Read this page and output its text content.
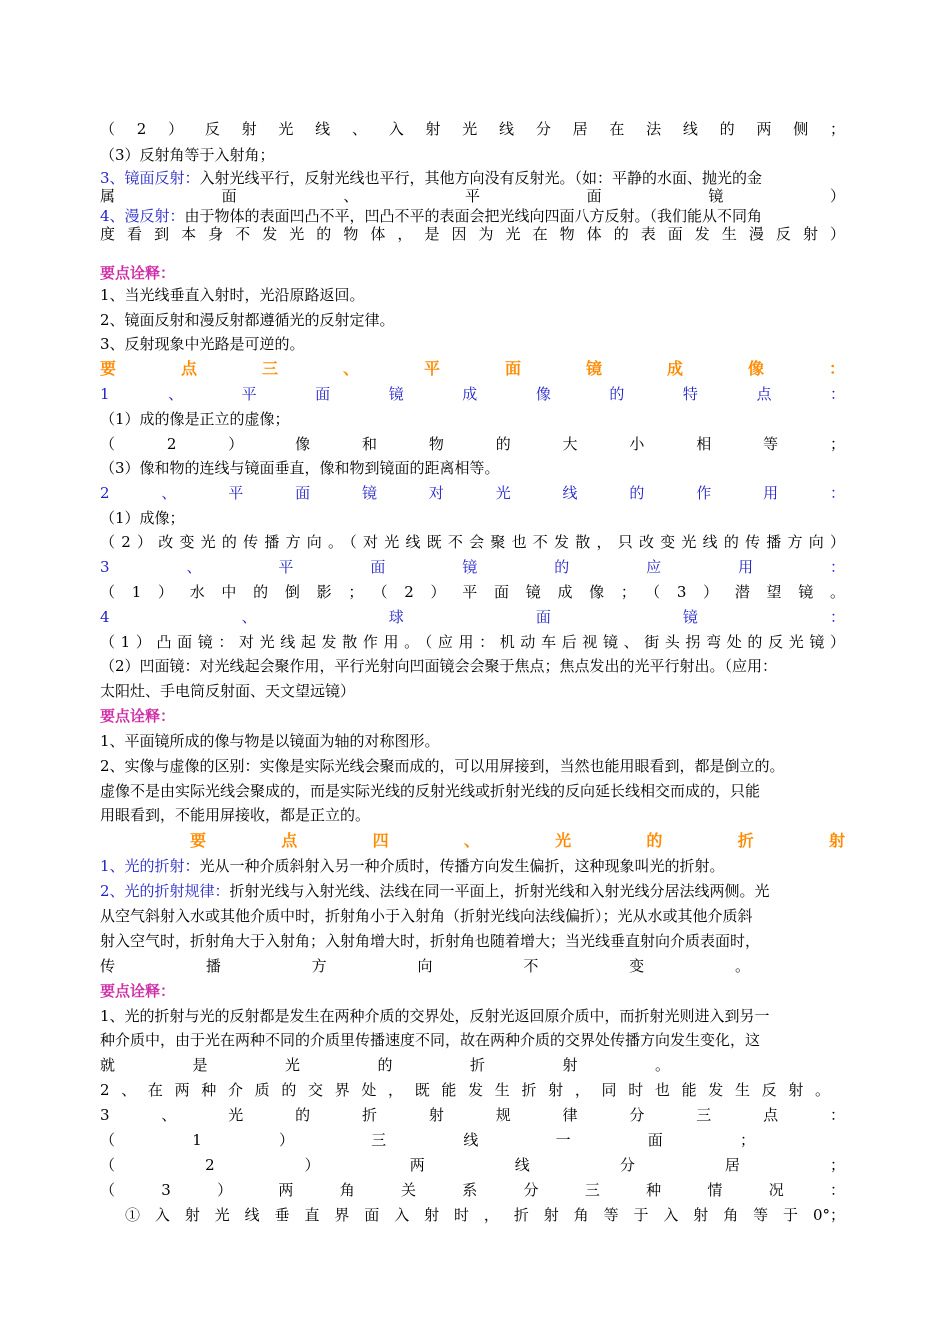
（2）反射光线、入射光线分居在法线的两侧；
（3）反射角等于入射角；
3、镜面反射：入射光线平行，反射光线也平行，其他方向没有反射光。（如：平静的水面、抛光的金
属面、平面镜）
4、漫反射：由于物体的表面凹凸不平，凹凸不平的表面会把光线向四面八方反射。（我们能从不同角
度看到本身不发光的物体，是因为光在物体的表面发生漫反射）
要点诠释：
1、当光线垂直入射时，光沿原路返回。
2、镜面反射和漫反射都遵循光的反射定律。
3、反射现象中光路是可逆的。
要点三、平面镜成像：
1、平面镜成像的特点：
（1）成的像是正立的虚像；
（2）像和物的大小相等；
（3）像和物的连线与镜面垂直，像和物到镜面的距离相等。
2、平面镜对光线的作用：
（1）成像；
（2）改变光的传播方向。（对光线既不会聚也不发散，只改变光线的传播方向）
3、平面镜的应用：
（1）水中的倒影；（2）平面镜成像；（3）潜望镜。
4、球面镜：
（1）凸面镜：对光线起发散作用。（应用：机动车后视镜、街头拐弯处的反光镜）
（2）凹面镜：对光线起会聚作用，平行光射向凹面镜会会聚于焦点；焦点发出的光平行射出。（应用：
太阳灶、手电筒反射面、天文望远镜）
要点诠释：
1、平面镜所成的像与物是以镜面为轴的对称图形。
2、实像与虚像的区别：实像是实际光线会聚而成的，可以用屏接到，当然也能用眼看到，都是倒立的。
虚像不是由实际光线会聚成的，而是实际光线的反射光线或折射光线的反向延长线相交而成的，只能
用眼看到，不能用屏接收，都是正立的。
要点四、光的折射
1、光的折射：光从一种介质斜射入另一种介质时，传播方向发生偏折，这种现象叫光的折射。
2、光的折射规律：折射光线与入射光线、法线在同一平面上，折射光线和入射光线分居法线两侧。光
从空气斜射入水或其他介质中时，折射角小于入射角（折射光线向法线偏折）；光从水或其他介质斜
射入空气时，折射角大于入射角；入射角增大时，折射角也随着增大；当光线垂直射向介质表面时，
传播方向不变。
要点诠释：
1、光的折射与光的反射都是发生在两种介质的交界处，反射光返回原介质中，而折射光则进入到另一
种介质中，由于光在两种不同的介质里传播速度不同，故在两种介质的交界处传播方向发生变化，这
就是光的折射。
2、在两种介质的交界处，既能发生折射，同时也能发生反射。
3、光的折射规律分三点：
（1）三线一面；
（2）两线分居；
（3）两角关系分三种情况：
①入射光线垂直界面入射时，折射角等于入射角等于0°；
